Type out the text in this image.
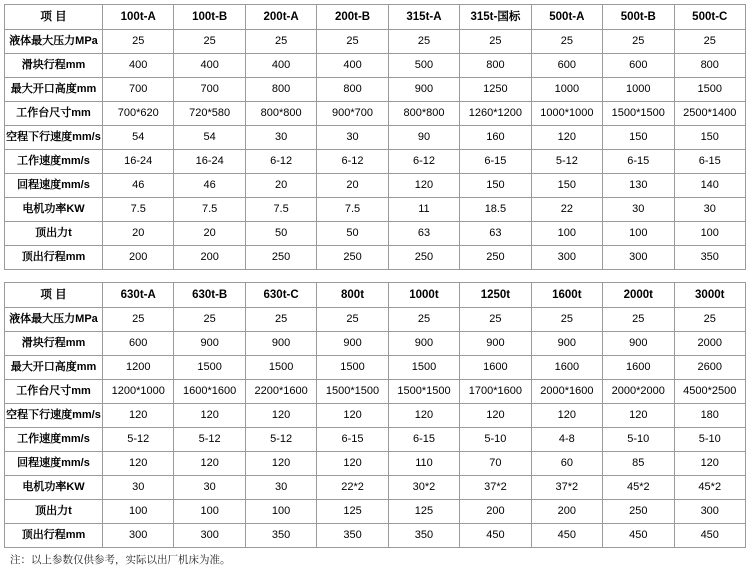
项 目	100t-A	100t-B	200t-A	200t-B	315t-A	315t-国标	500t-A	500t-B	500t-C
液体最大压力MPa	25	25	25	25	25	25	25	25	25
滑块行程mm	400	400	400	400	500	800	600	600	800
最大开口高度mm	700	700	800	800	900	1250	1000	1000	1500
工作台尺寸mm	700*620	720*580	800*800	900*700	800*800	1260*1200	1000*1000	1500*1500	2500*1400
空程下行速度mm/s	54	54	30	30	90	160	120	150	150
工作速度mm/s	16-24	16-24	6-12	6-12	6-12	6-15	5-12	6-15	6-15
回程速度mm/s	46	46	20	20	120	150	150	130	140
电机功率KW	7.5	7.5	7.5	7.5	11	18.5	22	30	30
顶出力t	20	20	50	50	63	63	100	100	100
顶出行程mm	200	200	250	250	250	250	300	300	350
项 目	630t-A	630t-B	630t-C	800t	1000t	1250t	1600t	2000t	3000t
液体最大压力MPa	25	25	25	25	25	25	25	25	25
滑块行程mm	600	900	900	900	900	900	900	900	2000
最大开口高度mm	1200	1500	1500	1500	1500	1600	1600	1600	2600
工作台尺寸mm	1200*1000	1600*1600	2200*1600	1500*1500	1500*1500	1700*1600	2000*1600	2000*2000	4500*2500
空程下行速度mm/s	120	120	120	120	120	120	120	120	180
工作速度mm/s	5-12	5-12	5-12	6-15	6-15	5-10	4-8	5-10	5-10
回程速度mm/s	120	120	120	120	110	70	60	85	120
电机功率KW	30	30	30	22*2	30*2	37*2	37*2	45*2	45*2
顶出力t	100	100	100	125	125	200	200	250	300
顶出行程mm	300	300	350	350	350	450	450	450	450
注：以上参数仅供参考，实际以出厂机床为准。
